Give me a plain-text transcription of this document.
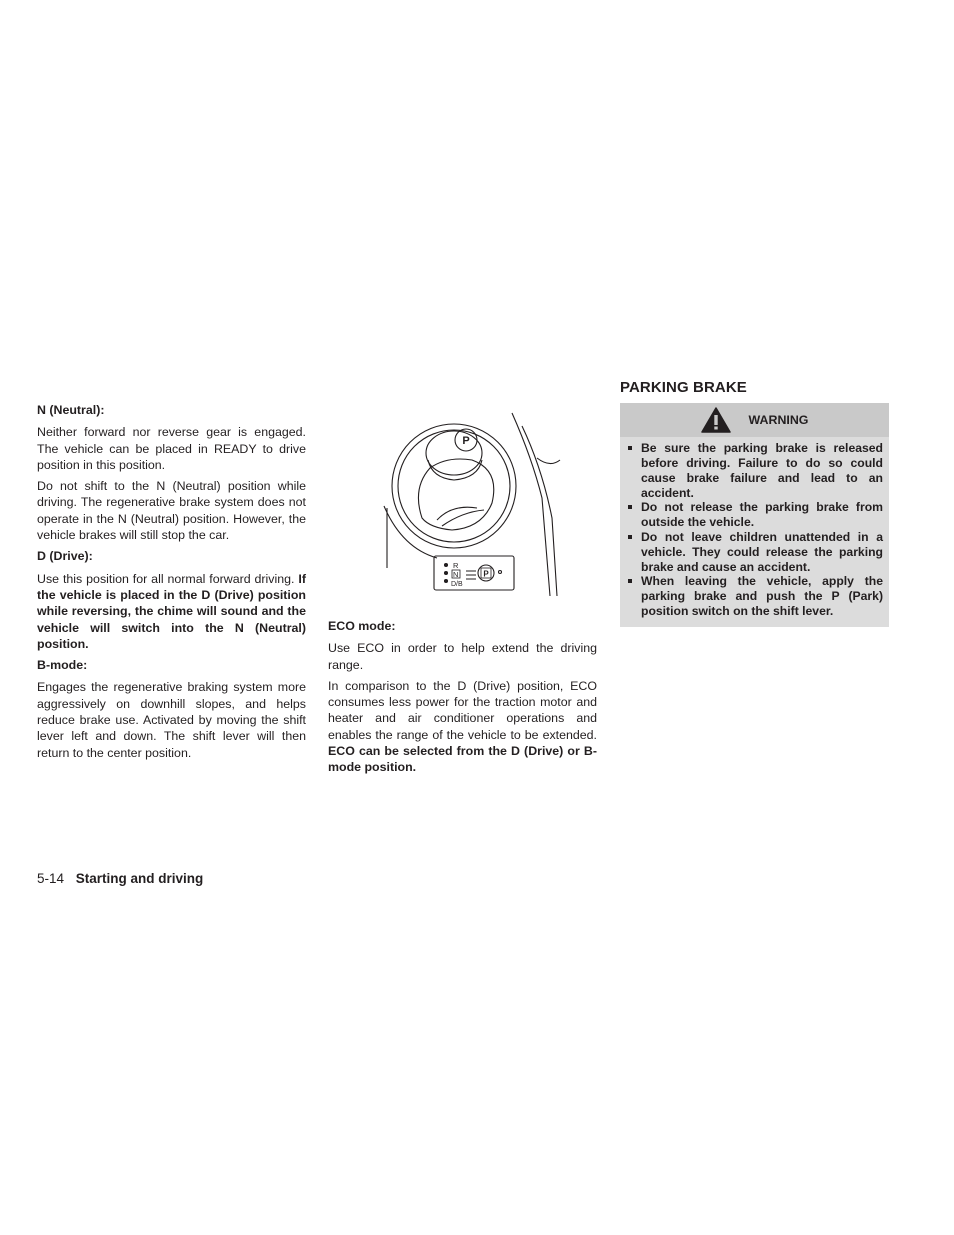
N (Neutral):

Neither forward nor reverse gear is engaged. The vehicle can be placed in READY to drive position in this position.

Do not shift to the N (Neutral) position while driving. The regenerative brake system does not operate in the N (Neutral) position. However, the vehicle brakes will still stop the car.

D (Drive):

Use this position for all normal forward driving. If the vehicle is placed in the D (Drive) position while reversing, the chime will sound and the vehicle will switch into the N (Neutral) position.

B-mode:

Engages the regenerative braking system more aggressively on downhill slopes, and helps reduce brake use. Activated by moving the shift lever left and down. The shift lever will then return to the center position.

P
R
N
D/B
P
ECO mode:

Use ECO in order to help extend the driving range.

In comparison to the D (Drive) position, ECO consumes less power for the traction motor and heater and air conditioner operations and enables the range of the vehicle to be extended. ECO can be selected from the D (Drive) or B-mode position.

PARKING BRAKE
WARNING
Be sure the parking brake is released before driving. Failure to do so could cause brake failure and lead to an accident.
Do not release the parking brake from outside the vehicle.
Do not leave children unattended in a vehicle. They could release the parking brake and cause an accident.
When leaving the vehicle, apply the parking brake and push the P (Park) position switch on the shift lever.
5-14 Starting and driving
